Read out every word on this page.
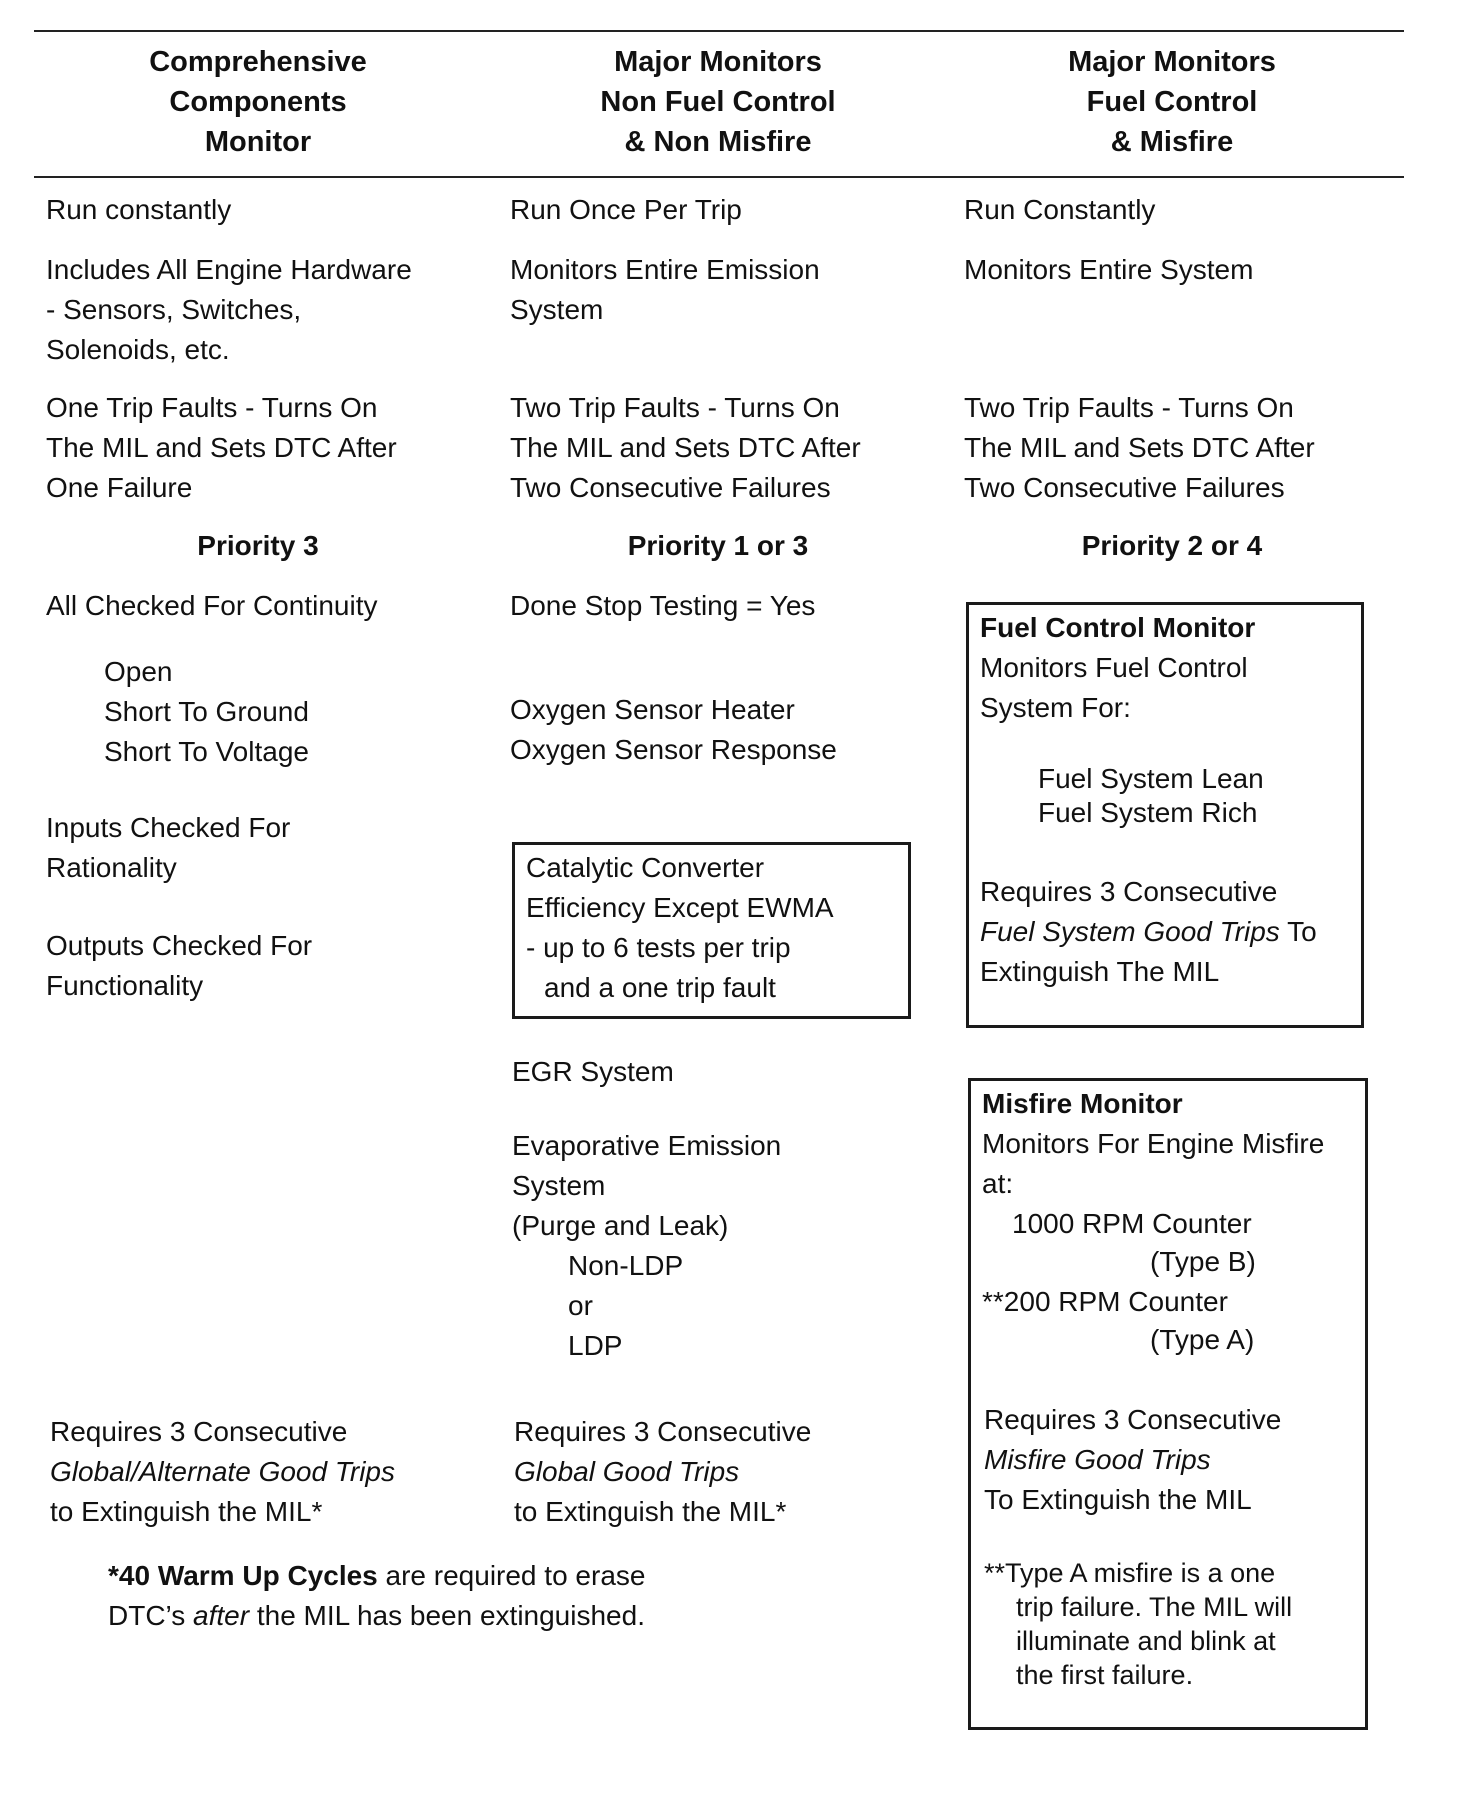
Comprehensive
Components
Monitor
Major Monitors
Non Fuel Control
& Non Misfire
Major Monitors
Fuel Control
& Misfire
Run constantly
Includes All Engine Hardware
- Sensors, Switches,
Solenoids, etc.
One Trip Faults - Turns On
The MIL and Sets DTC After
One Failure
Priority 3
All Checked For Continuity
Open
Short To Ground
Short To Voltage
Inputs Checked For
Rationality
Outputs Checked For
Functionality
Requires 3 Consecutive
Global/Alternate Good Trips
to Extinguish the MIL*
Run Once Per Trip
Monitors Entire Emission
System
Two Trip Faults - Turns On
The MIL and Sets DTC After
Two Consecutive Failures
Priority 1 or 3
Done Stop Testing = Yes
Oxygen Sensor Heater
Oxygen Sensor Response
Catalytic Converter
Efficiency Except EWMA
- up to 6 tests per trip
and a one trip fault
EGR System
Evaporative Emission
System
(Purge and Leak)
Non-LDP
or
LDP
Requires 3 Consecutive
Global Good Trips
to Extinguish the MIL*
Run Constantly
Monitors Entire System
Two Trip Faults - Turns On
The MIL and Sets DTC After
Two Consecutive Failures
Priority 2 or 4
Fuel Control Monitor
Monitors Fuel Control
System For:
Fuel System Lean
Fuel System Rich
Requires 3 Consecutive
Fuel System Good Trips To
Extinguish The MIL
Misfire Monitor
Monitors For Engine Misfire
at:
1000 RPM Counter
(Type B)
**200 RPM Counter
(Type A)
Requires 3 Consecutive
Misfire Good Trips
To Extinguish the MIL
**Type A misfire is a one
trip failure. The MIL will
illuminate and blink at
the first failure.
*40 Warm Up Cycles are required to erase
DTC’s after the MIL has been extinguished.
